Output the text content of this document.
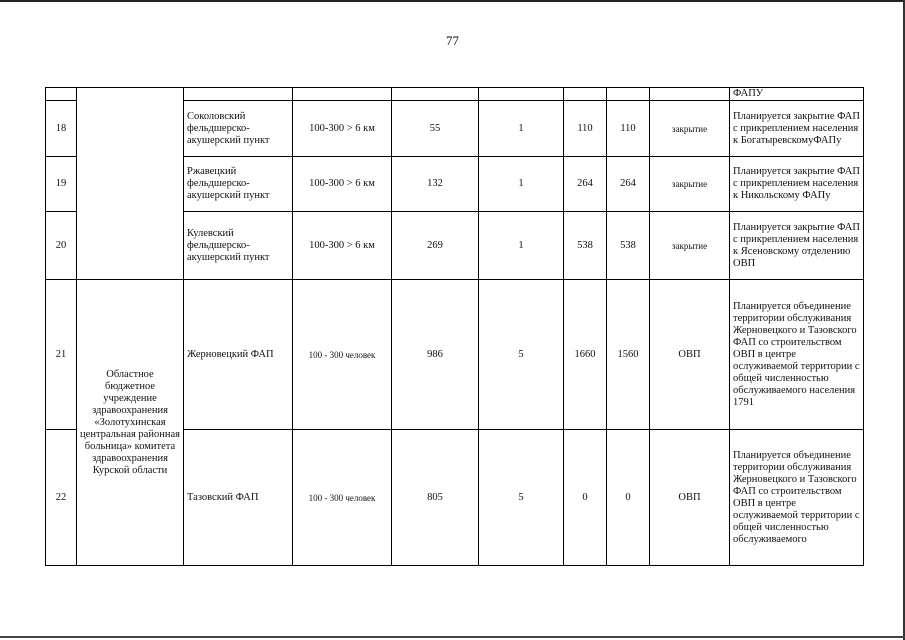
77
									ФАПУ
18		Соколовский фельдшерско-акушерский пункт	100-300 > 6 км	55	1	110	110	закрытие	Планируется закрытие ФАП с прикреплением населения к БогатыревскомуФАПу
19		Ржавецкий фельдшерско-акушерский пункт	100-300 > 6 км	132	1	264	264	закрытие	Планируется закрытие ФАП с прикреплением населения к Никольскому ФАПу
20		Кулевский фельдшерско-акушерский пункт	100-300 > 6 км	269	1	538	538	закрытие	Планируется закрытие ФАП с прикреплением населения к Ясеновскому отделению ОВП
21	Областное бюджетное учреждение здравоохранения «Золотухинская центральная районная больница» комитета здравоохранения Курской области	Жерновецкий ФАП	100 - 300 человек	986	5	1660	1560	ОВП	Планируется объединение территории обслуживания Жерновецкого и Тазовского ФАП со строительством ОВП в центре ослуживаемой территории с общей численностью обслуживаемого населения 1791
22		Тазовский ФАП	100 - 300 человек	805	5	0	0	ОВП	Планируется объединение территории обслуживания Жерновецкого и Тазовского ФАП со строительством ОВП в центре ослуживаемой территории с общей численностью обслуживаемого
